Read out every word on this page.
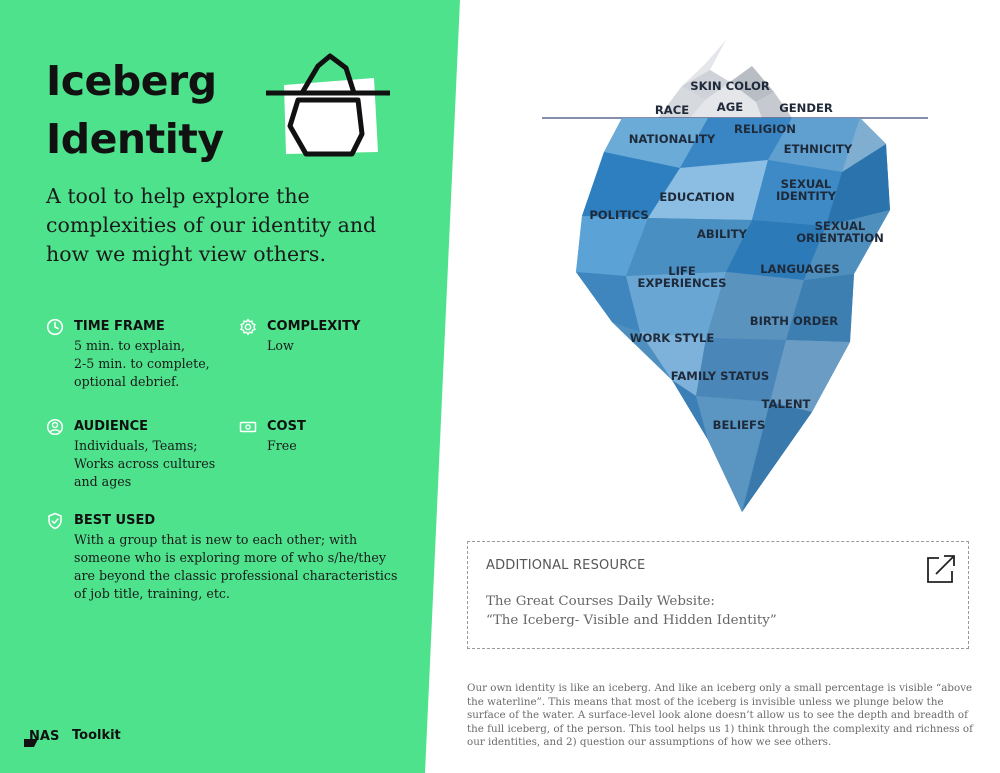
Iceberg
Identity

A tool to help explore the complexities of our identity and how we might view others.

TIME FRAME

5 min. to explain,
2-5 min. to complete,
optional debrief.

COMPLEXITY

Low

AUDIENCE

Individuals, Teams;
Works across cultures
and ages

COST

Free

BEST USED

With a group that is new to each other; with
someone who is exploring more of who s/he/they
are beyond the classic professional characteristics
of job title, training, etc.

NAS Toolkit
SKIN COLOR
RACE AGE	GENDER
RELIGION
NATIONALITY
ETHNICITY
SEXUAL
IDENTITY
EDUCATION
POLITICS
SEXUAL
ORIENTATION
ABILITY
LIFE
EXPERIENCES
LANGUAGES
BIRTH ORDER
WORK STYLE
FAMILY STATUS
TALENT
BELIEFS
ADDITIONAL RESOURCE
The Great Courses Daily Website:
“The Iceberg- Visible and Hidden Identity”

Our own identity is like an iceberg. And like an iceberg only a small percentage is visible “above the waterline”. This means that most of the iceberg is invisible unless we plunge below the surface of the water. A surface-level look alone doesn’t allow us to see the depth and breadth of the full iceberg, of the person. This tool helps us 1) think through the complexity and richness of our identities, and 2) question our assumptions of how we see others.
